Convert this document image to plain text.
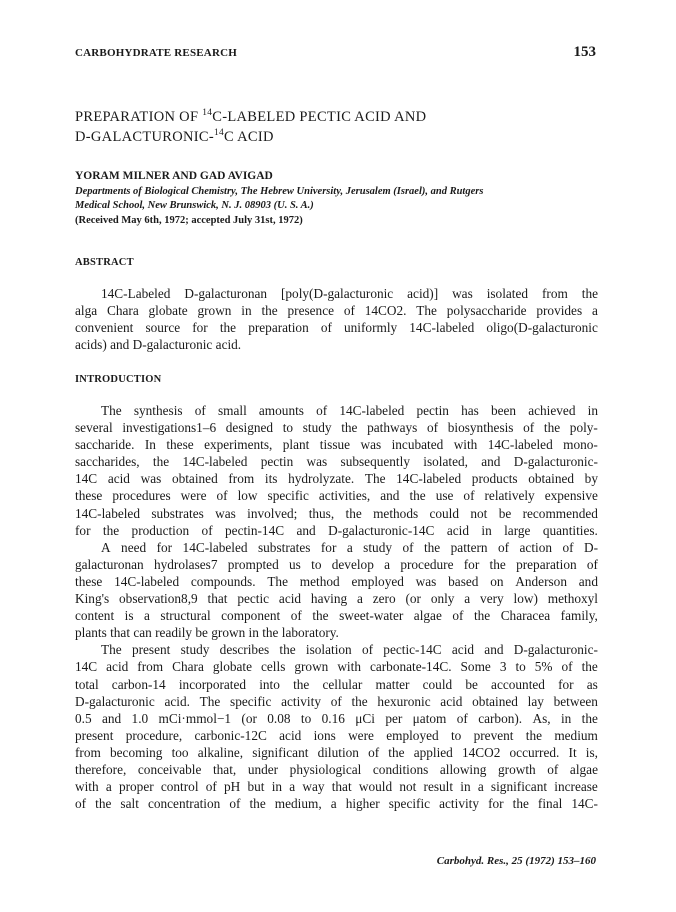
CARBOHYDRATE RESEARCH	153
PREPARATION OF $^{14}$C-LABELED PECTIC ACID AND
D-GALACTURONIC-$^{14}$C ACID
YORAM MILNER AND GAD AVIGAD
Departments of Biological Chemistry, The Hebrew University, Jerusalem (Israel), and Rutgers
Medical School, New Brunswick, N. J. 08903 (U. S. A.)
(Received May 6th, 1972; accepted July 31st, 1972)
ABSTRACT
14C-Labeled D-galacturonan [poly(D-galacturonic acid)] was isolated from the
alga Chara globate grown in the presence of 14CO2. The polysaccharide provides a
convenient source for the preparation of uniformly 14C-labeled oligo(D-galacturonic
acids) and D-galacturonic acid.
INTRODUCTION
The synthesis of small amounts of 14C-labeled pectin has been achieved in
several investigations1–6 designed to study the pathways of biosynthesis of the poly-
saccharide. In these experiments, plant tissue was incubated with 14C-labeled mono-
saccharides, the 14C-labeled pectin was subsequently isolated, and D-galacturonic-
14C acid was obtained from its hydrolyzate. The 14C-labeled products obtained by
these procedures were of low specific activities, and the use of relatively expensive
14C-labeled substrates was involved; thus, the methods could not be recommended
for the production of pectin-14C and D-galacturonic-14C acid in large quantities.
A need for 14C-labeled substrates for a study of the pattern of action of D-
galacturonan hydrolases7 prompted us to develop a procedure for the preparation of
these 14C-labeled compounds. The method employed was based on Anderson and
King's observation8,9 that pectic acid having a zero (or only a very low) methoxyl
content is a structural component of the sweet-water algae of the Characea family,
plants that can readily be grown in the laboratory.
The present study describes the isolation of pectic-14C acid and D-galacturonic-
14C acid from Chara globate cells grown with carbonate-14C. Some 3 to 5% of the
total carbon-14 incorporated into the cellular matter could be accounted for as
D-galacturonic acid. The specific activity of the hexuronic acid obtained lay between
0.5 and 1.0 mCi·mmol−1 (or 0.08 to 0.16 μCi per μatom of carbon). As, in the
present procedure, carbonic-12C acid ions were employed to prevent the medium
from becoming too alkaline, significant dilution of the applied 14CO2 occurred. It is,
therefore, conceivable that, under physiological conditions allowing growth of algae
with a proper control of pH but in a way that would not result in a significant increase
of the salt concentration of the medium, a higher specific activity for the final 14C-
Carbohyd. Res., 25 (1972) 153–160
